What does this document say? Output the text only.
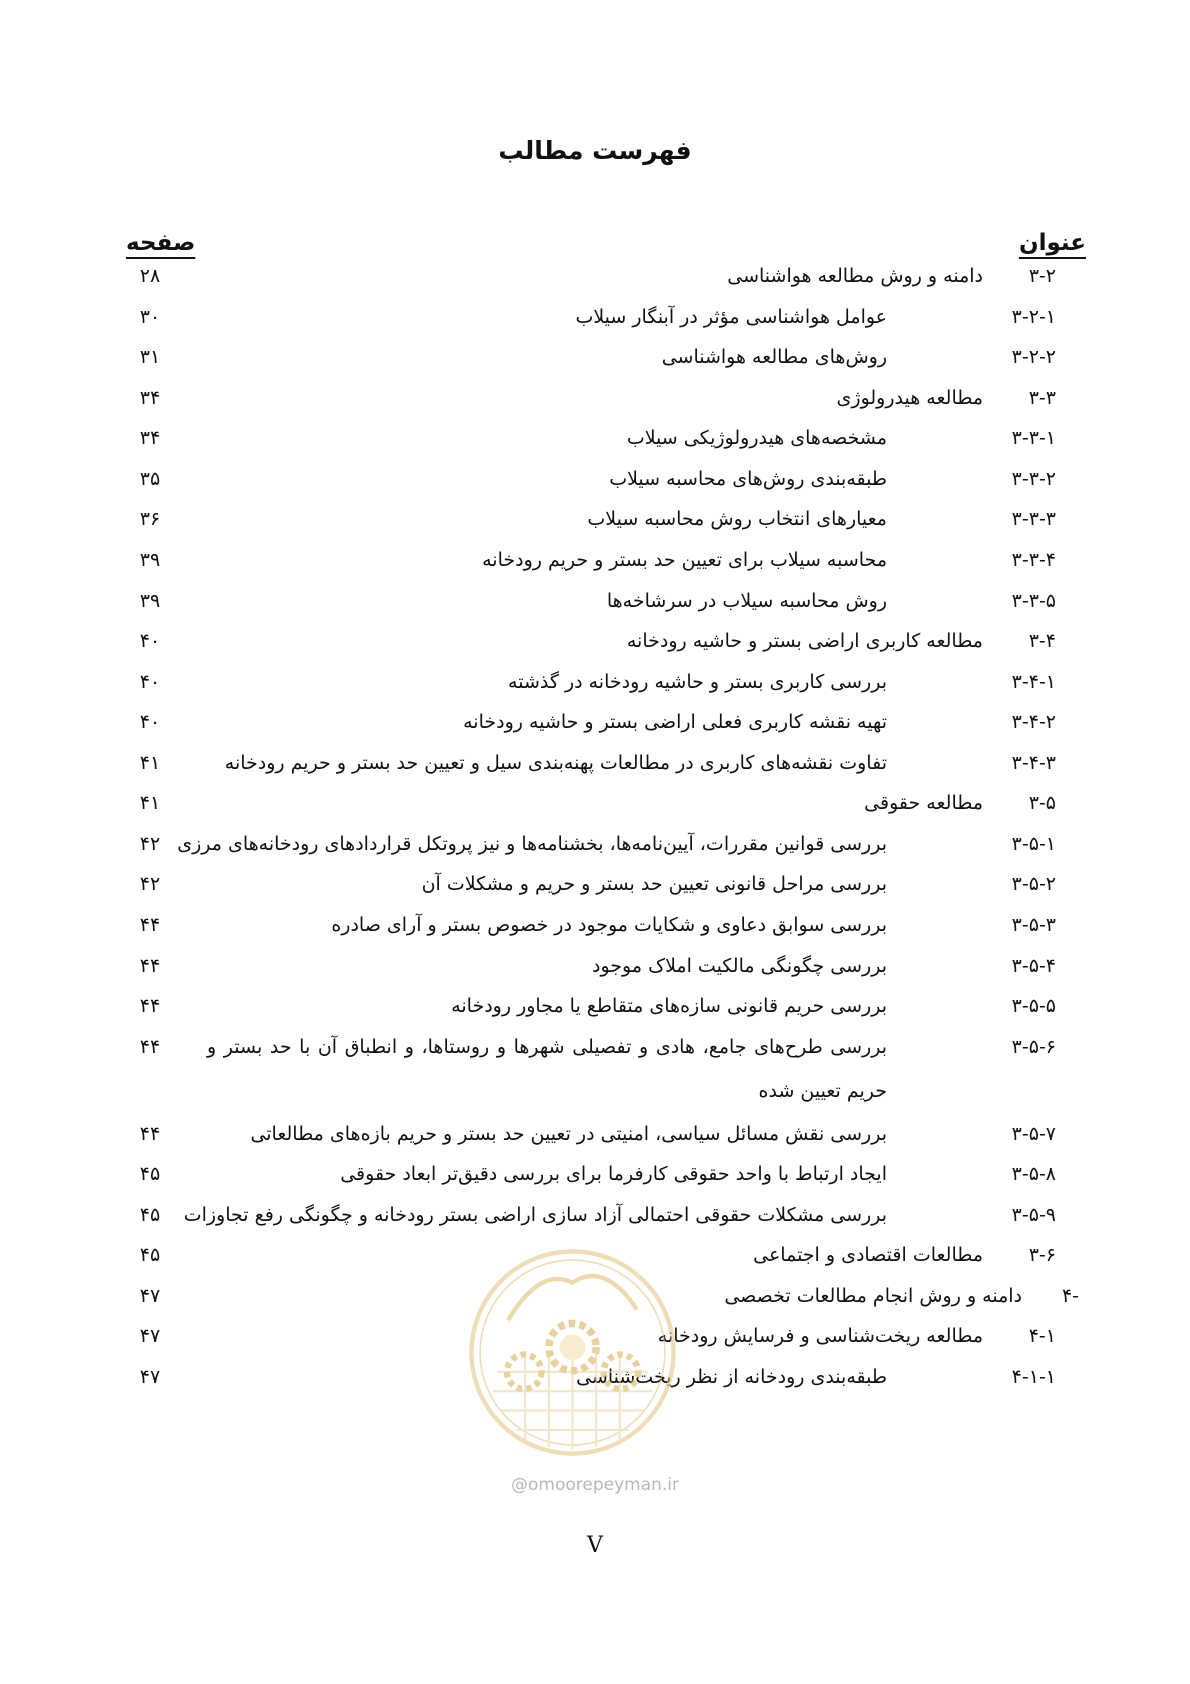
فهرست مطالب
عنوان
صفحه
۳-۲
دامنه و روش مطالعه هواشناسی
۲۸
۳-۲-۱
عوامل هواشناسی مؤثر در آبنگار سیلاب
۳۰
۳-۲-۲
روش‌های مطالعه هواشناسی
۳۱
۳-۳
مطالعه هیدرولوژی
۳۴
۳-۳-۱
مشخصه‌های هیدرولوژیکی سیلاب
۳۴
۳-۳-۲
طبقه‌بندی روش‌های محاسبه سیلاب
۳۵
۳-۳-۳
معیارهای انتخاب روش محاسبه سیلاب
۳۶
۳-۳-۴
محاسبه سیلاب برای تعیین حد بستر و حریم رودخانه
۳۹
۳-۳-۵
روش محاسبه سیلاب در سرشاخه‌ها
۳۹
۳-۴
مطالعه کاربری اراضی بستر و حاشیه رودخانه
۴۰
۳-۴-۱
بررسی کاربری بستر و حاشیه رودخانه در گذشته
۴۰
۳-۴-۲
تهیه نقشه کاربری فعلی اراضی بستر و حاشیه رودخانه
۴۰
۳-۴-۳
تفاوت نقشه‌های کاربری در مطالعات پهنه‌بندی سیل و تعیین حد بستر و حریم رودخانه
۴۱
۳-۵
مطالعه حقوقی
۴۱
۳-۵-۱
بررسی قوانین مقررات، آیین‌نامه‌ها، بخشنامه‌ها و نیز پروتکل قراردادهای رودخانه‌های مرزی
۴۲
۳-۵-۲
بررسی مراحل قانونی تعیین حد بستر و حریم و مشکلات آن
۴۲
۳-۵-۳
بررسی سوابق دعاوی و شکایات موجود در خصوص بستر و آرای صادره
۴۴
۳-۵-۴
بررسی چگونگی مالکیت املاک موجود
۴۴
۳-۵-۵
بررسی حریم قانونی سازه‌های متقاطع یا مجاور رودخانه
۴۴
۳-۵-۶
بررسی طرح‌های جامع، هادی و تفصیلی شهرها و روستاها، و انطباق آن با حد بستر و حریم تعیین شده
۴۴
۳-۵-۷
بررسی نقش مسائل سیاسی، امنیتی در تعیین حد بستر و حریم بازه‌های مطالعاتی
۴۴
۳-۵-۸
ایجاد ارتباط با واحد حقوقی کارفرما برای بررسی دقیق‌تر ابعاد حقوقی
۴۵
۳-۵-۹
بررسی مشکلات حقوقی احتمالی آزاد سازی اراضی بستر رودخانه و چگونگی رفع تجاوزات
۴۵
۳-۶
مطالعات اقتصادی و اجتماعی
۴۵
۴-
دامنه و روش انجام مطالعات تخصصی
۴۷
۴-۱
مطالعه ریخت‌شناسی و فرسایش رودخانه
۴۷
۴-۱-۱
طبقه‌بندی رودخانه از نظر ریخت‌شناسی
۴۷
@omoorepeyman.ir
V
